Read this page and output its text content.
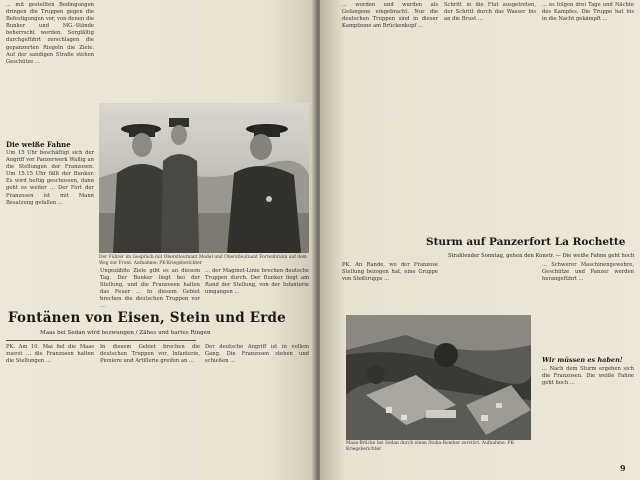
... mit gestellten Bedingungen dringen die Truppen gegen die Befestigungen vor, von denen die Bunker und MG.-Stände beherrscht werden. Sorgfältig durchgeführt zerschlagen die gepanzerten Riegeln die Ziele. Auf der sandigen Straße stehen Geschütze ...

Die weiße Fahne

Um 15 Uhr beschäftigt sich der Angriff vor Panzerwerk Wallig an die Stellungen der Franzosen. Um 15.15 Uhr fällt der Bunker. Es wird heftig geschossen, dann geht es weiter ... Der Fort der Franzosen ist mit Mann Besatzung gefallen ...

Der Führer im Gespräch mit Oberstleutnant Model und Oberstleutnant Fortenbrunn auf dem Weg zur Front. Aufnahme: PK-Kriegsberichter

Ungezählte Ziele gibt es an diesem Tag. Der Bunker liegt bei der Stellung, und die Franzosen halten das Feuer ... In diesem Gebiet brechen die deutschen Truppen vor ...

... der Maginot-Linie brechen deutsche Truppen durch. Der Bunker liegt am Rand der Stellung, von der Infanterie umgangen ...

Fontänen von Eisen, Stein und Erde
Maas bei Sedan wird bezwungen / Zähes und hartes Ringen

PK. Am 10. Mai fiel die Maas zuerst ... die Franzosen halten die Stellungen ...

In diesem Gebiet brechen die deutschen Truppen vor. Infanterie, Pioniere und Artillerie greifen an ...

Der deutsche Angriff ist in vollem Gang. Die Franzosen stehen und schießen ...

... worden und wurden als Gefangene eingebracht. Nur die deutschen Truppen sind in dieser Kampfzone am Brückenkopf ...

Schritt in die Flut ausgetreten, der Schritt durch das Wasser bis an die Brust ...

... es folgen drei Tage und Nächte des Kampfes. Die Truppe hat bis in die Nacht gekämpft ...

Sturm auf Panzerfort La Rochette
Strahlender Sonntag, gehen den Konstr. — Die weiße Fahne geht hoch

PK. An Rande, wo der Franzose Stellung bezogen hat, eine Gruppe von Stoßtrupps ...

Maas-Brücke bei Sedan durch einen Stuka-Bomber zerstört. Aufnahme: PK-Kriegsberichter

... Schwerer Maschinengewehre, Geschütze und Panzer werden herangeführt ...

Wir müssen es haben!

... Nach dem Sturm ergeben sich die Franzosen. Die weiße Fahne geht hoch ...

9
